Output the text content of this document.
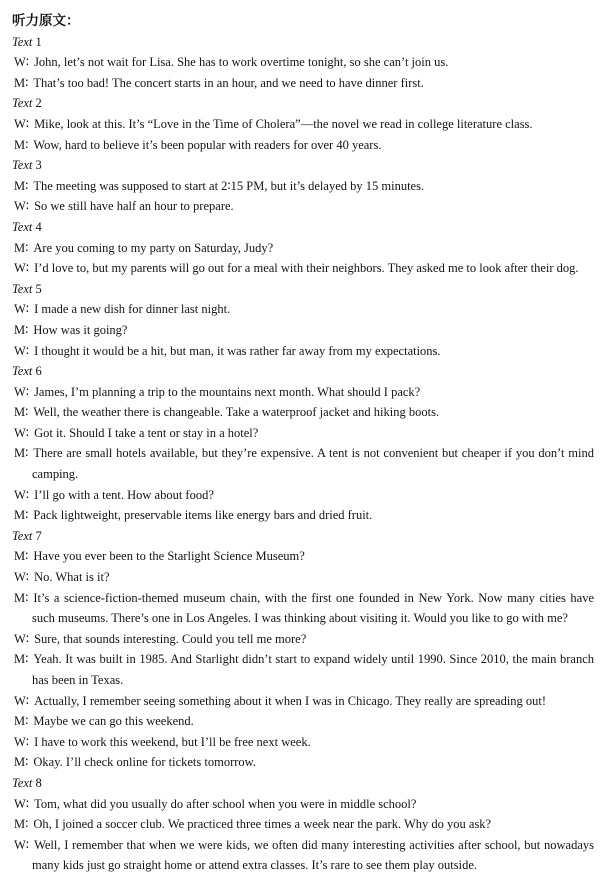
听力原文：

Text 1

W∶ John, let’s not wait for Lisa. She has to work overtime tonight, so she can’t join us.

M∶ That’s too bad! The concert starts in an hour, and we need to have dinner first.

Text 2

W∶ Mike, look at this. It’s “Love in the Time of Cholera”—the novel we read in college literature class.

M∶ Wow, hard to believe it’s been popular with readers for over 40 years.

Text 3

M∶ The meeting was supposed to start at 2∶15 PM, but it’s delayed by 15 minutes.

W∶ So we still have half an hour to prepare.

Text 4

M∶ Are you coming to my party on Saturday, Judy?

W∶ I’d love to, but my parents will go out for a meal with their neighbors. They asked me to look after their dog.

Text 5

W∶ I made a new dish for dinner last night.

M∶ How was it going?

W∶ I thought it would be a hit, but man, it was rather far away from my expectations.

Text 6

W∶ James, I’m planning a trip to the mountains next month. What should I pack?

M∶ Well, the weather there is changeable. Take a waterproof jacket and hiking boots.

W∶ Got it. Should I take a tent or stay in a hotel?

M∶ There are small hotels available, but they’re expensive. A tent is not convenient but cheaper if you don’t mind camping.

W∶ I’ll go with a tent. How about food?

M∶ Pack lightweight, preservable items like energy bars and dried fruit.

Text 7

M∶ Have you ever been to the Starlight Science Museum?

W∶ No. What is it?

M∶ It’s a science-fiction-themed museum chain, with the first one founded in New York. Now many cities have such museums. There’s one in Los Angeles. I was thinking about visiting it. Would you like to go with me?

W∶ Sure, that sounds interesting. Could you tell me more?

M∶ Yeah. It was built in 1985. And Starlight didn’t start to expand widely until 1990. Since 2010, the main branch has been in Texas.

W∶ Actually, I remember seeing something about it when I was in Chicago. They really are spreading out!

M∶ Maybe we can go this weekend.

W∶ I have to work this weekend, but I’ll be free next week.

M∶ Okay. I’ll check online for tickets tomorrow.

Text 8

W∶ Tom, what did you usually do after school when you were in middle school?

M∶ Oh, I joined a soccer club. We practiced three times a week near the park. Why do you ask?

W∶ Well, I remember that when we were kids, we often did many interesting activities after school, but nowadays many kids just go straight home or attend extra classes. It’s rare to see them play outside.
